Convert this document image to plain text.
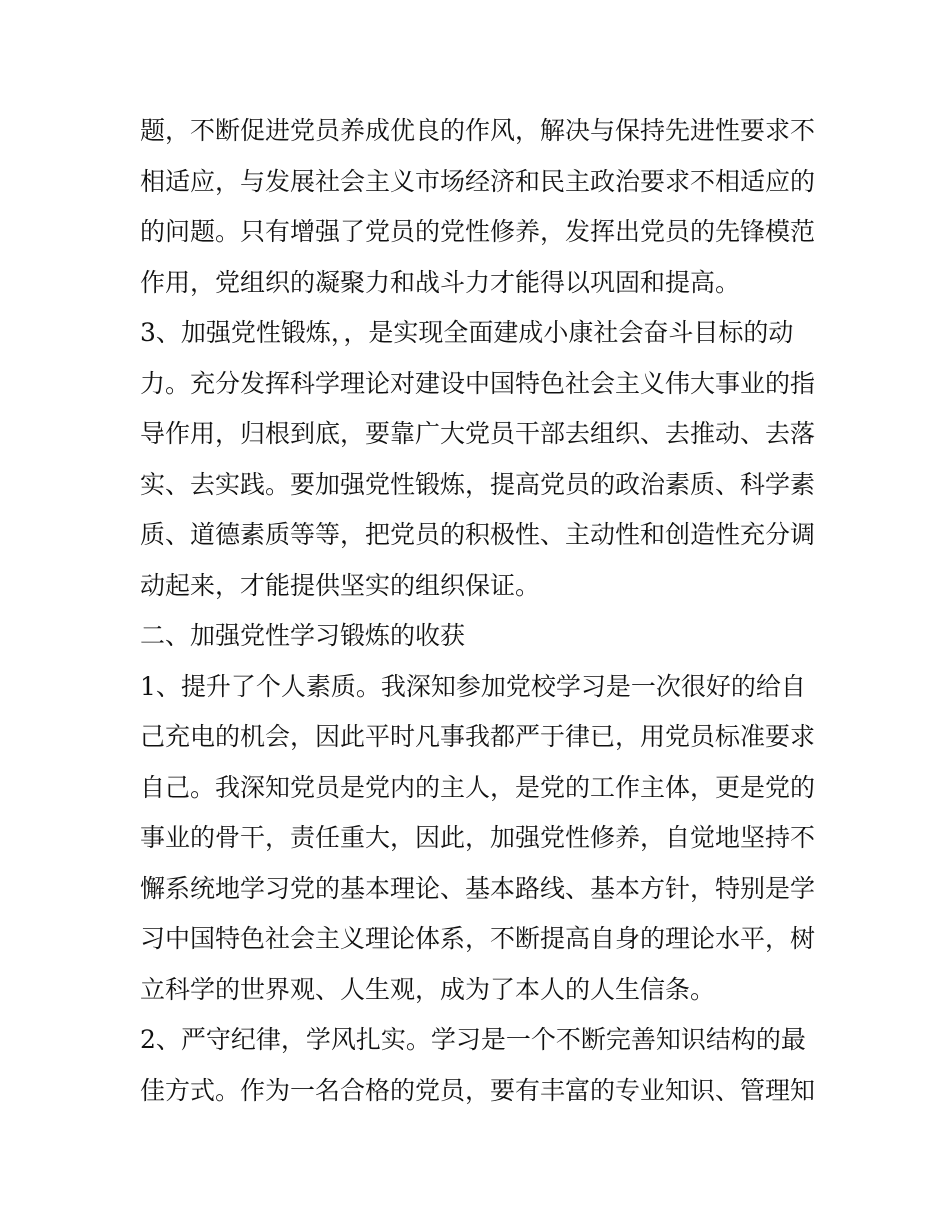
题，不断促进党员养成优良的作风，解决与保持先进性要求不
相适应，与发展社会主义市场经济和民主政治要求不相适应的
的问题。只有增强了党员的党性修养，发挥出党员的先锋模范
作用，党组织的凝聚力和战斗力才能得以巩固和提高。
3、加强党性锻炼，，是实现全面建成小康社会奋斗目标的动
力。充分发挥科学理论对建设中国特色社会主义伟大事业的指
导作用，归根到底，要靠广大党员干部去组织、去推动、去落
实、去实践。要加强党性锻炼，提高党员的政治素质、科学素
质、道德素质等等，把党员的积极性、主动性和创造性充分调
动起来，才能提供坚实的组织保证。
二、加强党性学习锻炼的收获
1、提升了个人素质。我深知参加党校学习是一次很好的给自
己充电的机会，因此平时凡事我都严于律已，用党员标准要求
自己。我深知党员是党内的主人，是党的工作主体，更是党的
事业的骨干，责任重大，因此，加强党性修养，自觉地坚持不
懈系统地学习党的基本理论、基本路线、基本方针，特别是学
习中国特色社会主义理论体系，不断提高自身的理论水平，树
立科学的世界观、人生观，成为了本人的人生信条。
2、严守纪律，学风扎实。学习是一个不断完善知识结构的最
佳方式。作为一名合格的党员，要有丰富的专业知识、管理知
